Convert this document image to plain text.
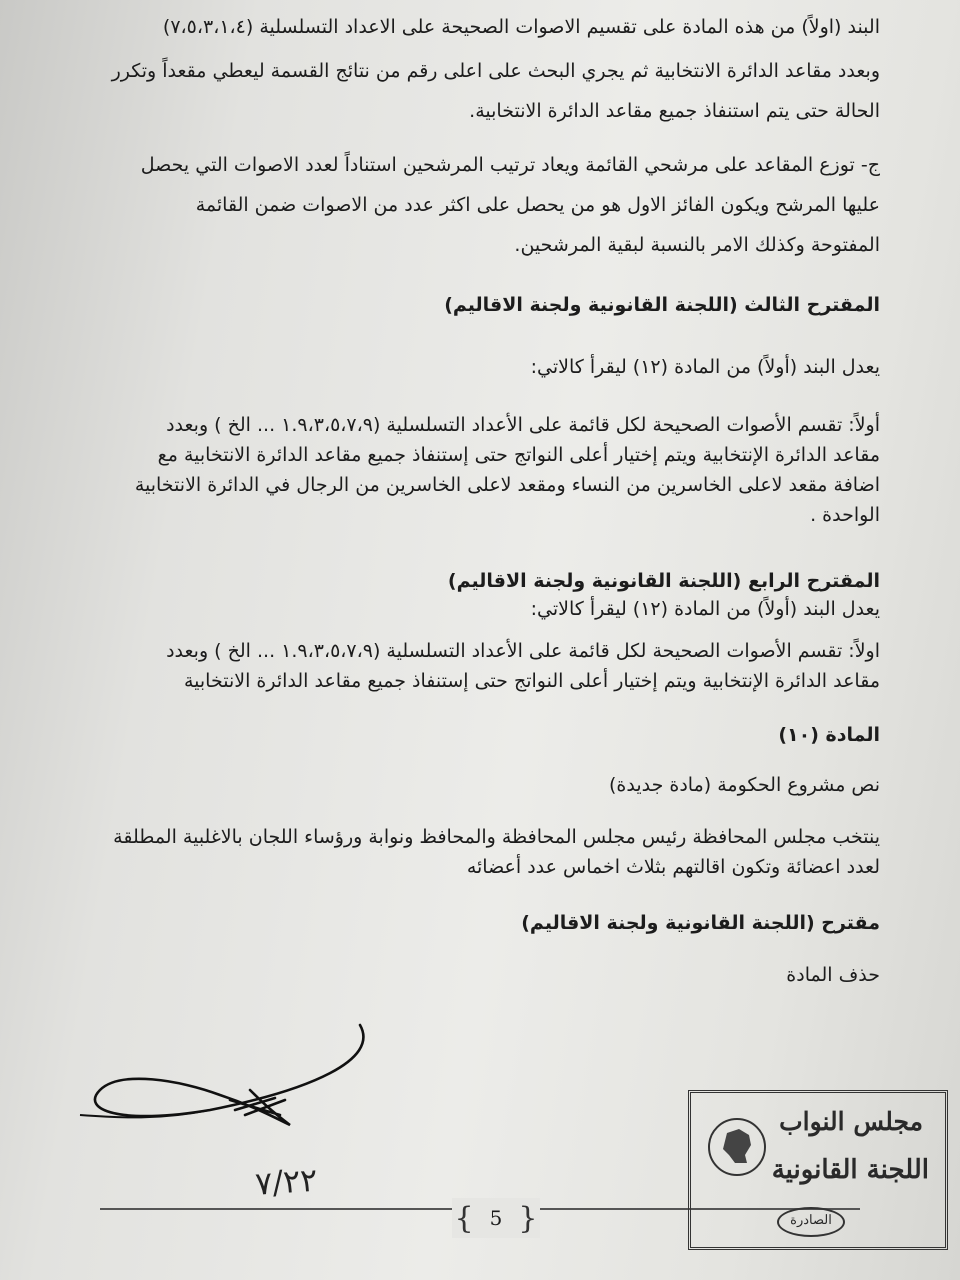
البند (اولاً) من هذه المادة على تقسيم الاصوات الصحيحة على الاعداد التسلسلية (٧،٥،٣،١،٤)
وبعدد مقاعد الدائرة الانتخابية ثم يجري البحث على اعلى رقم من نتائج القسمة ليعطي مقعداً وتكرر
الحالة حتى يتم استنفاذ جميع مقاعد الدائرة الانتخابية.
ج- توزع المقاعد على مرشحي القائمة ويعاد ترتيب المرشحين استناداً لعدد الاصوات التي يحصل
عليها المرشح ويكون الفائز الاول هو من يحصل على اكثر عدد من الاصوات ضمن القائمة
المفتوحة وكذلك الامر بالنسبة لبقية المرشحين.
المقترح الثالث (اللجنة القانونية ولجنة الاقاليم)
يعدل البند (أولاً) من المادة (١٢) ليقرأ كالاتي:
أولاً: تقسم الأصوات الصحيحة لكل قائمة على الأعداد التسلسلية (١.٩،٣،٥،٧،٩ ... الخ ) وبعدد
مقاعد الدائرة الإنتخابية ويتم إختيار أعلى النواتج حتى إستنفاذ جميع مقاعد الدائرة الانتخابية مع
اضافة مقعد لاعلى الخاسرين من النساء ومقعد لاعلى الخاسرين من الرجال في الدائرة الانتخابية
الواحدة .
المقترح الرابع (اللجنة القانونية ولجنة الاقاليم)
يعدل البند (أولاً) من المادة (١٢) ليقرأ كالاتي:
اولاً: تقسم الأصوات الصحيحة لكل قائمة على الأعداد التسلسلية (١.٩،٣،٥،٧،٩ ... الخ ) وبعدد
مقاعد الدائرة الإنتخابية ويتم إختيار أعلى النواتج حتى إستنفاذ جميع مقاعد الدائرة الانتخابية
المادة (١٠)
نص مشروع الحكومة (مادة جديدة)
ينتخب مجلس المحافظة رئيس مجلس المحافظة والمحافظ ونوابة ورؤساء اللجان بالاغلبية المطلقة
لعدد اعضائة وتكون اقالتهم بثلاث اخماس عدد أعضائه
مقترح (اللجنة القانونية ولجنة الاقاليم)
حذف المادة
٧/٢٢
{ 5 }
مجلس النواب
اللجنة القانونية
الصادرة
